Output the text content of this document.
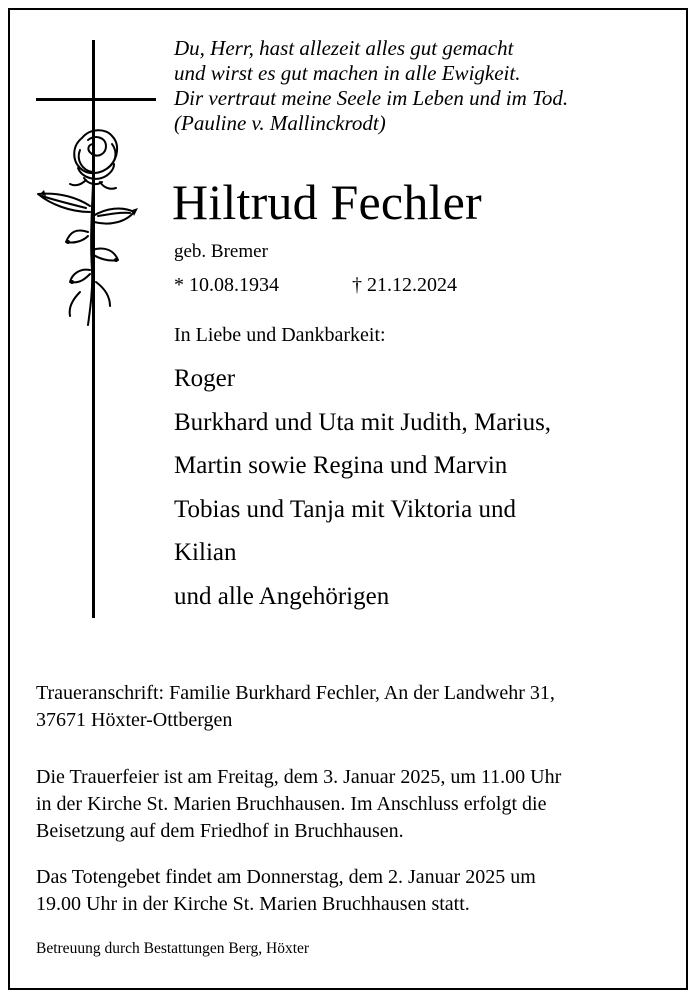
Du, Herr, hast allezeit alles gut gemacht
und wirst es gut machen in alle Ewigkeit.
Dir vertraut meine Seele im Leben und im Tod.
(Pauline v. Mallinckrodt)
Hiltrud Fechler
geb. Bremer
* 10.08.1934	† 21.12.2024
In Liebe und Dankbarkeit:
Roger
Burkhard und Uta mit Judith, Marius,
Martin sowie Regina und Marvin
Tobias und Tanja mit Viktoria und
Kilian
und alle Angehörigen
Traueranschrift: Familie Burkhard Fechler, An der Landwehr 31,
37671 Höxter-Ottbergen
Die Trauerfeier ist am Freitag, dem 3. Januar 2025, um 11.00 Uhr
in der Kirche St. Marien Bruchhausen. Im Anschluss erfolgt die
Beisetzung auf dem Friedhof in Bruchhausen.
Das Totengebet findet am Donnerstag, dem 2. Januar 2025 um
19.00 Uhr in der Kirche St. Marien Bruchhausen statt.
Betreuung durch Bestattungen Berg, Höxter
